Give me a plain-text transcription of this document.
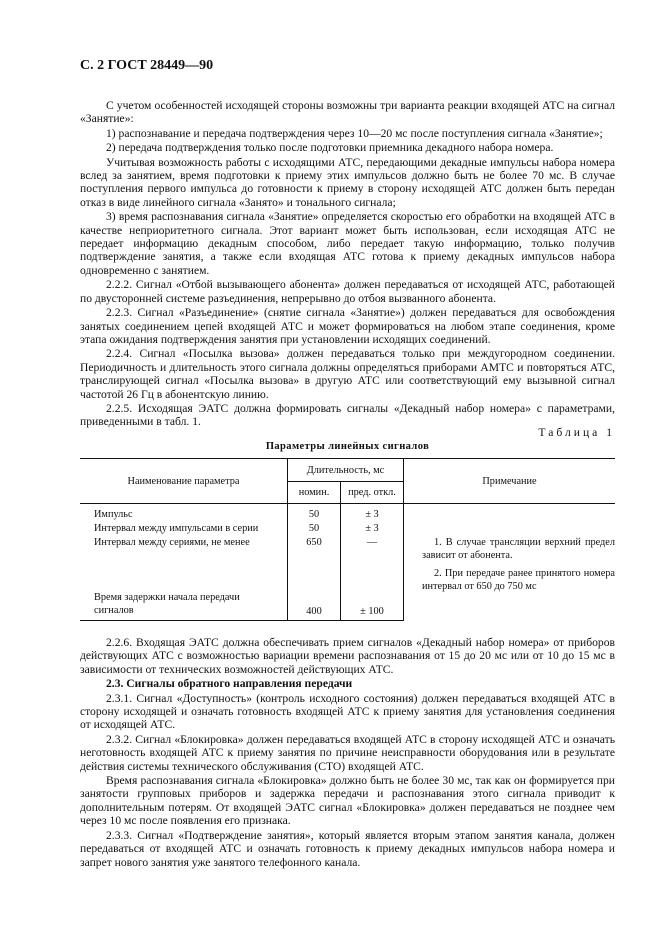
С. 2 ГОСТ 28449—90

С учетом особенностей исходящей стороны возможны три варианта реакции входящей АТС на сигнал «Занятие»:

1) распознавание и передача подтверждения через 10—20 мс после поступления сигнала «Занятие»;

2) передача подтверждения только после подготовки приемника декадного набора номера.

Учитывая возможность работы с исходящими АТС, передающими декадные импульсы набора номера вслед за занятием, время подготовки к приему этих импульсов должно быть не более 70 мс. В случае поступления первого импульса до готовности к приему в сторону исходящей АТС должен быть передан отказ в виде линейного сигнала «Занято» и тонального сигнала;

3) время распознавания сигнала «Занятие» определяется скоростью его обработки на входящей АТС в качестве неприоритетного сигнала. Этот вариант может быть использован, если исходящая АТС не передает информацию декадным способом, либо передает такую информацию, только получив подтверждение занятия, а также если входящая АТС готова к приему декадных импульсов набора одновременно с занятием.

2.2.2. Сигнал «Отбой вызывающего абонента» должен передаваться от исходящей АТС, работающей по двусторонней системе разъединения, непрерывно до отбоя вызванного абонента.

2.2.3. Сигнал «Разъединение» (снятие сигнала «Занятие») должен передаваться для освобождения занятых соединением цепей входящей АТС и может формироваться на любом этапе соединения, кроме этапа ожидания подтверждения занятия при установлении исходящих соединений.

2.2.4. Сигнал «Посылка вызова» должен передаваться только при междугородном соединении. Периодичность и длительность этого сигнала должны определяться приборами АМТС и повторяться АТС, транслирующей сигнал «Посылка вызова» в другую АТС или соответствующий ему вызывной сигнал частотой 26 Гц в абонентскую линию.

2.2.5. Исходящая ЭАТС должна формировать сигналы «Декадный набор номера» с параметрами, приведенными в табл. 1.

Таблица 1
Параметры линейных сигналов
Наименование параметра	Длительность, мс		Примечание
	номин.	пред. откл.	
Импульс	50	± 3	1. В случае трансляции верхний предел зависит от абонента.

2. При передаче ранее принятого номера интервал от 650 до 750 мс

Интервал между импульсами в серии	50	± 3	
Интервал между сериями, не менее	650	—	
Время задержки начала передачи сигналов	400	± 100	

2.2.6. Входящая ЭАТС должна обеспечивать прием сигналов «Декадный набор номера» от приборов действующих АТС с возможностью вариации времени распознавания от 15 до 20 мс или от 10 до 15 мс в зависимости от технических возможностей действующих АТС.

2.3. Сигналы обратного направления передачи

2.3.1. Сигнал «Доступность» (контроль исходного состояния) должен передаваться входящей АТС в сторону исходящей и означать готовность входящей АТС к приему занятия для установления соединения от исходящей АТС.

2.3.2. Сигнал «Блокировка» должен передаваться входящей АТС в сторону исходящей АТС и означать неготовность входящей АТС к приему занятия по причине неисправности оборудования или в результате действия системы технического обслуживания (СТО) входящей АТС.

Время распознавания сигнала «Блокировка» должно быть не более 30 мс, так как он формируется при занятости групповых приборов и задержка передачи и распознавания этого сигнала приводит к дополнительным потерям. От входящей ЭАТС сигнал «Блокировка» должен передаваться не позднее чем через 10 мс после появления его признака.

2.3.3. Сигнал «Подтверждение занятия», который является вторым этапом занятия канала, должен передаваться от входящей АТС и означать готовность к приему декадных импульсов набора номера и запрет нового занятия уже занятого телефонного канала.
